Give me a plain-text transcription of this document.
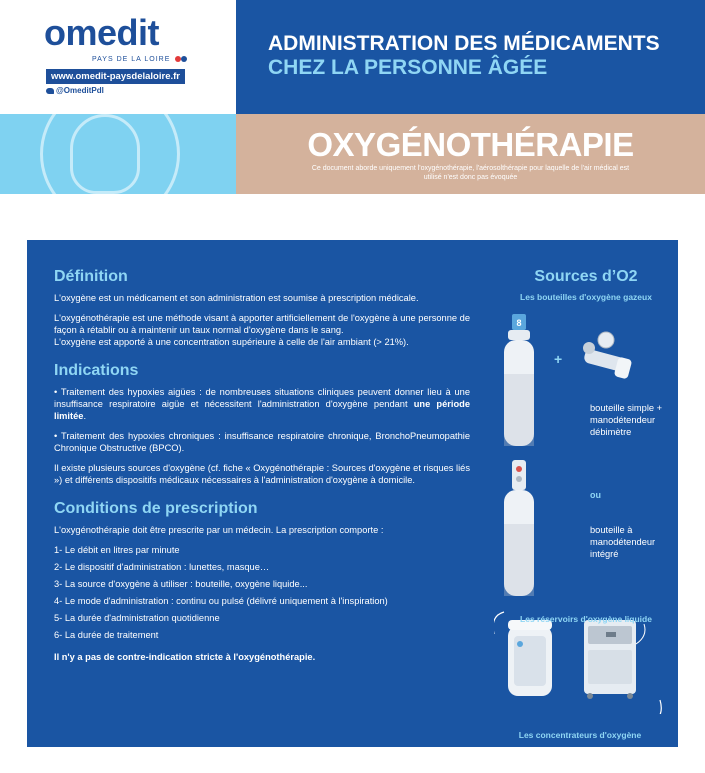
omedit
PAYS DE LA LOIRE
www.omedit-paysdelaloire.fr
@OmeditPdl
ADMINISTRATION DES MÉDICAMENTS
CHEZ LA PERSONNE ÂGÉE
OXYGÉNOTHÉRAPIE
Ce document aborde uniquement l'oxygénothérapie, l'aérosolthérapie pour laquelle de l'air médical est utilisé n'est donc pas évoquée
Définition
L'oxygène est un médicament et son administration est soumise à prescription médicale.
L'oxygénothérapie est une méthode visant à apporter artificiellement de l'oxygène à une personne de façon à rétablir ou à maintenir un taux normal d'oxygène dans le sang.
L'oxygène est apporté à une concentration supérieure à celle de l'air ambiant (> 21%).
Indications
• Traitement des hypoxies aigües : de nombreuses situations cliniques peuvent donner lieu à une insuffisance respiratoire aigüe et nécessitent l'administration d'oxygène pendant une période limitée.
• Traitement des hypoxies chroniques : insuffisance respiratoire chronique, BronchoPneumopathie Chronique Obstructive (BPCO).
Il existe plusieurs sources d'oxygène (cf. fiche « Oxygénothérapie : Sources d'oxygène et risques liés ») et différents dispositifs médicaux nécessaires à l'administration d'oxygène à domicile.
Conditions de prescription
L'oxygénothérapie doit être prescrite par un médecin. La prescription comporte :
1- Le débit en litres par minute
2- Le dispositif d'administration : lunettes, masque…
3- La source d'oxygène à utiliser : bouteille, oxygène liquide...
4- Le mode d'administration : continu ou pulsé (délivré uniquement à l'inspiration)
5- La durée d'administration quotidienne
6- La durée de traitement
Il n'y a pas de contre-indication stricte à l'oxygénothérapie.
Sources d’O2
Les bouteilles d'oxygène gazeux
8
+
bouteille simple + manodétendeur débimètre
ou
bouteille à manodétendeur intégré
Les réservoirs d'oxygène liquide
Les concentrateurs d'oxygène
